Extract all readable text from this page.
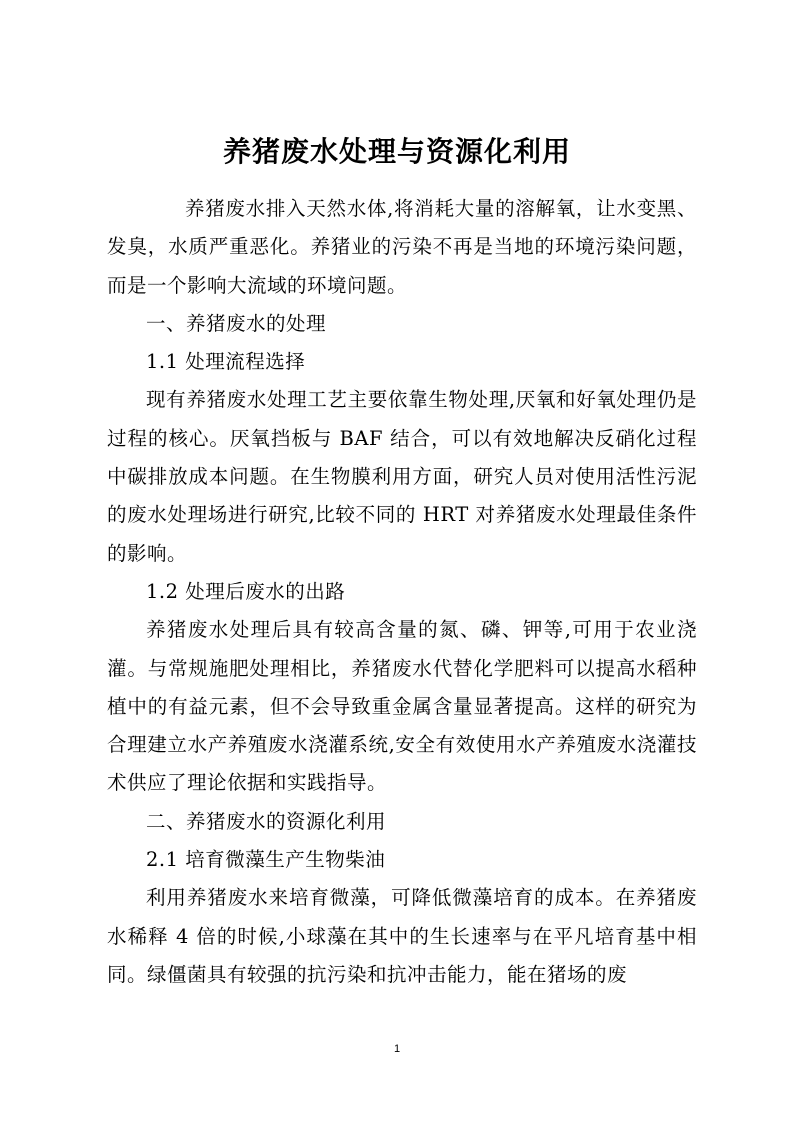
养猪废水处理与资源化利用

养猪废水排入天然水体,将消耗大量的溶解氧，让水变黑、发臭，水质严重恶化。养猪业的污染不再是当地的环境污染问题，而是一个影响大流域的环境问题。

一、养猪废水的处理

1.1 处理流程选择

现有养猪废水处理工艺主要依靠生物处理,厌氧和好氧处理仍是过程的核心。厌氧挡板与 BAF 结合，可以有效地解决反硝化过程中碳排放成本问题。在生物膜利用方面，研究人员对使用活性污泥的废水处理场进行研究,比较不同的 HRT 对养猪废水处理最佳条件的影响。

1.2 处理后废水的出路

养猪废水处理后具有较高含量的氮、磷、钾等,可用于农业浇灌。与常规施肥处理相比，养猪废水代替化学肥料可以提高水稻种植中的有益元素，但不会导致重金属含量显著提高。这样的研究为合理建立水产养殖废水浇灌系统,安全有效使用水产养殖废水浇灌技术供应了理论依据和实践指导。

二、养猪废水的资源化利用

2.1 培育微藻生产生物柴油

利用养猪废水来培育微藻，可降低微藻培育的成本。在养猪废水稀释 4 倍的时候,小球藻在其中的生长速率与在平凡培育基中相同。绿僵菌具有较强的抗污染和抗冲击能力，能在猪场的废

1
